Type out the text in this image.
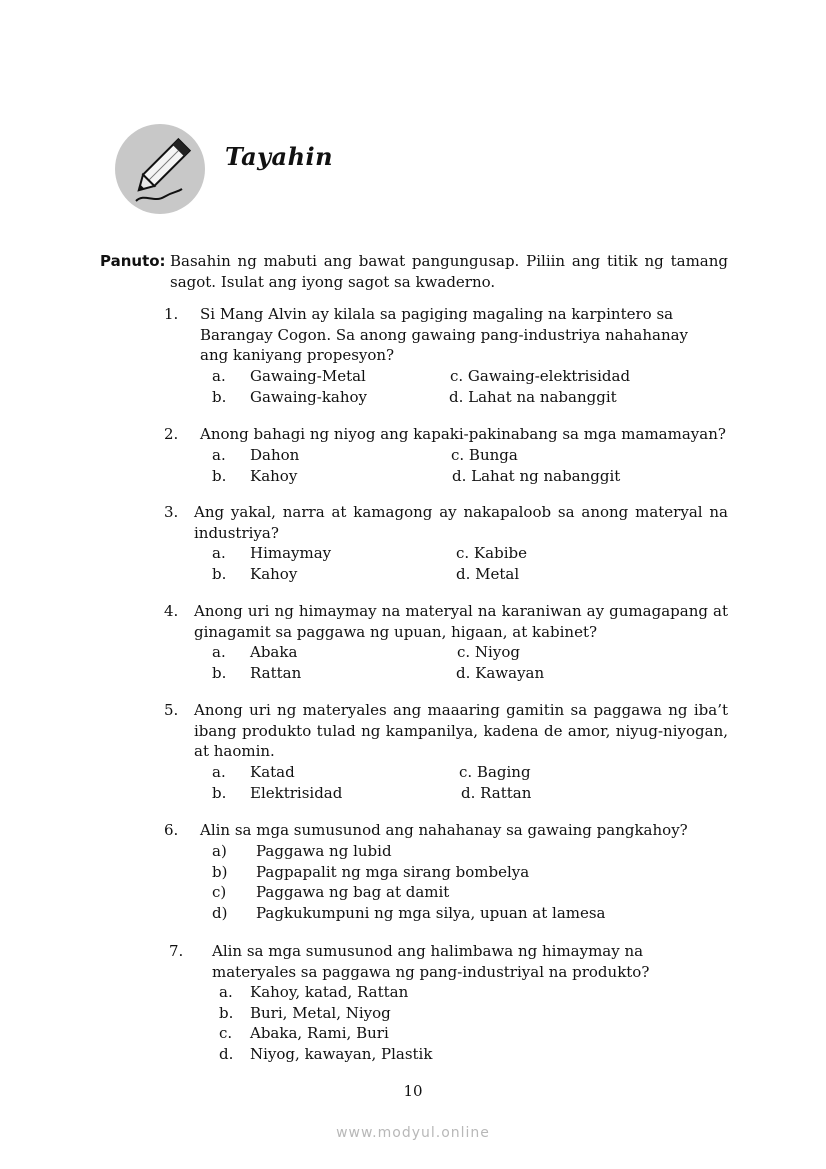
Tayahin
Panuto: Basahin ng mabuti ang bawat pangungusap. Piliin ang titik ng tamang sagot. Isulat ang iyong sagot sa kwaderno.
1. Si Mang Alvin ay kilala sa pagiging magaling na karpintero sa Barangay Cogon. Sa anong gawaing pang-industriya nahahanay ang kaniyang propesyon?
a. Gawaing-Metal
b. Gawaing-kahoy
c. Gawaing-elektrisidad
d. Lahat na nabanggit
2. Anong bahagi ng niyog ang kapaki-pakinabang sa mga mamamayan?
a. Dahon
b. Kahoy
c. Bunga
d. Lahat ng nabanggit
3. Ang yakal, narra at kamagong ay nakapaloob sa anong materyal na industriya?
a. Himaymay
b. Kahoy
c. Kabibe
d. Metal
4. Anong uri ng himaymay na materyal na karaniwan ay gumagapang at ginagamit sa paggawa ng upuan, higaan, at kabinet?
a. Abaka
b. Rattan
c. Niyog
d. Kawayan
5. Anong uri ng materyales ang maaaring gamitin sa paggawa ng iba’t ibang produkto tulad ng kampanilya, kadena de amor, niyug-niyogan, at haomin.
a. Katad
b. Elektrisidad
c. Baging
d. Rattan
6. Alin sa mga sumusunod ang nahahanay sa gawaing pangkahoy?
a) Paggawa ng lubid
b) Pagpapalit ng mga sirang bombelya
c) Paggawa ng bag at damit
d) Pagkukumpuni ng mga silya, upuan at lamesa
7. Alin sa mga sumusunod ang halimbawa ng himaymay na materyales sa paggawa ng pang-industriyal na produkto?
a. Kahoy, katad, Rattan
b. Buri, Metal, Niyog
c. Abaka, Rami, Buri
d. Niyog, kawayan, Plastik
10
www.modyul.online
